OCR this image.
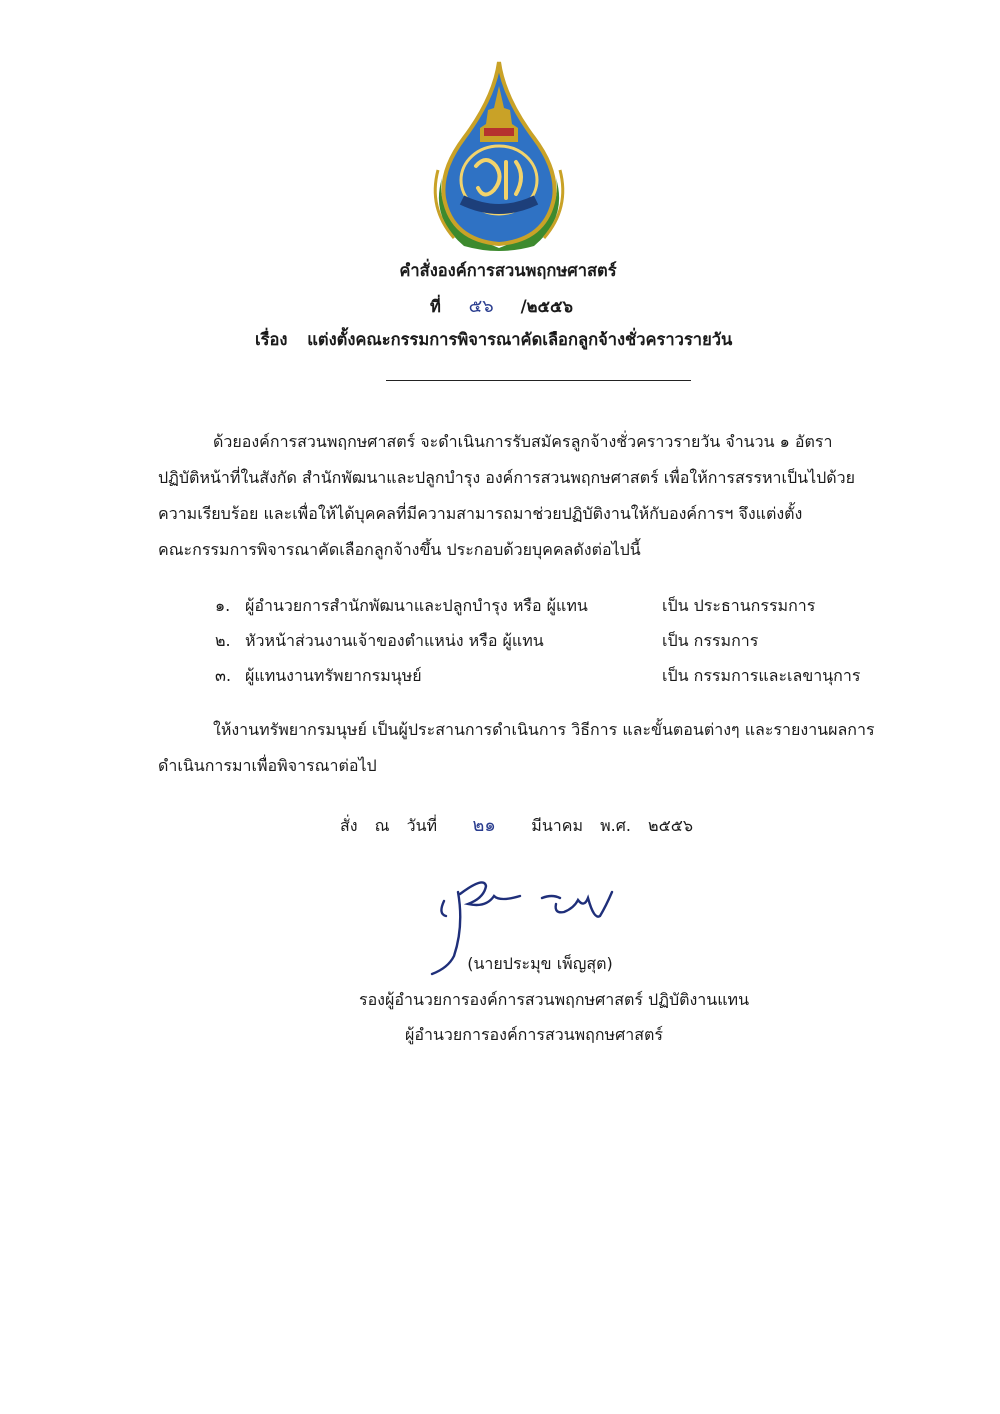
คำสั่งองค์การสวนพฤกษศาสตร์
ที่ ๕๖ /๒๕๕๖
เรื่อง แต่งตั้งคณะกรรมการพิจารณาคัดเลือกลูกจ้างชั่วคราวรายวัน
ด้วยองค์การสวนพฤกษศาสตร์ จะดำเนินการรับสมัครลูกจ้างชั่วคราวรายวัน จำนวน ๑ อัตรา
ปฏิบัติหน้าที่ในสังกัด สำนักพัฒนาและปลูกบำรุง องค์การสวนพฤกษศาสตร์ เพื่อให้การสรรหาเป็นไปด้วย
ความเรียบร้อย และเพื่อให้ได้บุคคลที่มีความสามารถมาช่วยปฏิบัติงานให้กับองค์การฯ จึงแต่งตั้ง
คณะกรรมการพิจารณาคัดเลือกลูกจ้างขึ้น ประกอบด้วยบุคคลดังต่อไปนี้
๑. ผู้อำนวยการสำนักพัฒนาและปลูกบำรุง หรือ ผู้แทน	เป็น ประธานกรรมการ
๒. หัวหน้าส่วนงานเจ้าของตำแหน่ง หรือ ผู้แทน	เป็น กรรมการ
๓. ผู้แทนงานทรัพยากรมนุษย์	เป็น กรรมการและเลขานุการ
ให้งานทรัพยากรมนุษย์ เป็นผู้ประสานการดำเนินการ วิธีการ และขั้นตอนต่างๆ และรายงานผลการ
ดำเนินการมาเพื่อพิจารณาต่อไป
สั่ง ณ วันที่ ๒๑ มีนาคม พ.ศ. ๒๕๕๖
(นายประมุข เพ็ญสุต)
รองผู้อำนวยการองค์การสวนพฤกษศาสตร์ ปฏิบัติงานแทน
ผู้อำนวยการองค์การสวนพฤกษศาสตร์
